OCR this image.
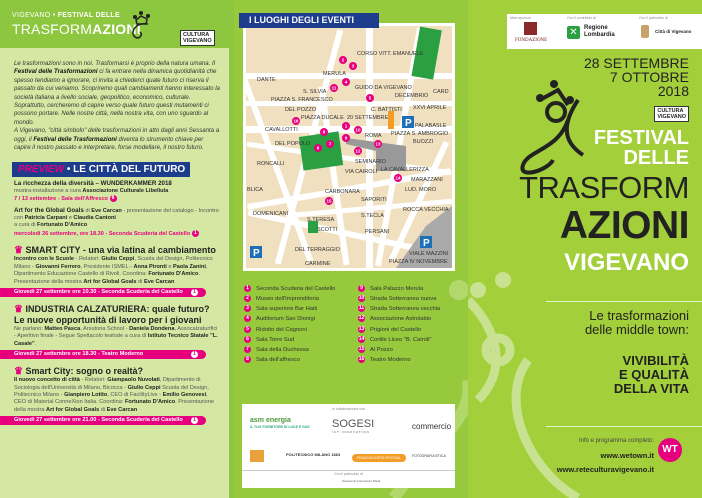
VIGEVANO • FESTIVAL DELLE
TRASFORMAZIONI	CULTURA
VIGEVANO
Le trasformazioni sono in noi. Trasformarsi è proprio della natura umana. Il Festival delle Trasformazioni ci fa entrare nella dinamica quotidianità che spesso tendiamo a ignorare, ci invita a chiederci quale futuro ci riserva il passato da cui veniamo. Scopriremo quali cambiamenti hanno interessato la società italiana a livello sociale, geopolitico, economico, culturale. Soprattutto, cercheremo di capire verso quale futuro questi mutamenti ci possono portare. Nelle nostre città, nella nostra vita, con uno sguardo al mondo.
A Vigevano, "città simbolo" delle trasformazioni in atto dagli anni Sessanta a oggi, il Festival delle Trasformazioni diventa lo strumento chiave per capire il nostro passato e interpretare, forse modellare, il nostro futuro.
PREVIEW • LE CITTÀ DEL FUTURO
La ricchezza della diversità – WUNDERKAMMER 2018
mostra-installazione a cura Associazione Culturale Libellula
7 / 13 settembre - Sala dell'Affresco 8
Art for the Global Goals di Eve Carcan - presentazione del catalogo - Incontro con Patricia Carpani e Claudia Cantoni
a cura di Fortunato D'Amico
mercoledì 26 settembre, ore 18.30 - Seconda Scuderia del Castello 1
♛ SMART CITY - una via latina al cambiamento
Incontro con le Scuole - Relatori: Giulio Ceppi, Scuola del Design, Politecnico Milano - Giovanni Ferrero, Presidente ISMEL - Anna Pironti e Paola Zanini, Dipartimento Educazione Castello di Rivoli. Coordina: Fortunato D'Amico. Presentazione della mostra Art for Global Goals di Eve Carcan
Giovedì 27 settembre ore 10.30 - Seconda Scuderia del Castello	1
♛ INDUSTRIA CALZATURIERA: quale futuro? Le nuove opportunità di lavoro per i giovani
Ne parlano: Matteo Pasca, Arsutoria School - Daniela Dondena, Assocalzaturifici - Aperitivo finale - Segue Spettacolo teatrale a cura di Istituto Tecnico Statale "L. Casale".
Giovedì 27 settembre ore 18.30 - Teatro Moderno	1
♛ Smart City: sogno o realtà?
Il nuovo concetto di città - Relatori: Giampaolo Nuvolati, Dipartimento di Sociologia dell'Università di Milano, Bicocca - Giulio Ceppi Scuola del Design, Politecnico Milano - Gianpiero Lotito, CEO di FacilityLive - Emilio Genovesi, CEO di Material ConneXion Italia. Coordina: Fortunato D'Amico. Presentazione della mostra Art for Global Goals di Eve Carcan
Giovedì 27 settembre ore 21.00 - Seconda Scuderia del Castello	1
I LUOGHI DEGLI EVENTI
P
P
P
1
2
3
4
5
6
7
8
9
10
11
12
13
14
15
16
DANTE
MERULA
GUIDO DA VIGEVANO
XXVI APRILE
C. BATTISTI
PIAZZA S. AMBROGIO
PALABASLE
PIAZZA DUCALE
ROMA
BUOZZI
SEMINARIO
VIA CAIROLI
MARAZZANI
SAPORITI
S.TECLA
PERSANI
SCOTTI
S.TERESA
DOMENICANI
DEL TERRAGGIO
CARMINE
ROCCA VECCHIA
VIALE MAZZINI
LUD. MORO
CARBONARA
DEL POPOLO
PIAZZA S. FRANCESCO
CAVALLOTTI
CORSO VITT. EMANUELE
20 SETTEMBRE
DECEMBRIO
PIAZZA IV NOVEMBRE
RONCALLI
BLICA
CARD
DEL POZZO
S. SILVIA
LA CAVALLERIZZA
1 Seconda Scuderia del Castello	9 Sala Palazzo Merula
2 Museo dell'Imprenditoria	10 Strada Sotterranea nuova
3 Sala superiore Bar Haiti	11 Strada Sotterranea vecchia
4 Auditorium San Dionigi	12 Associazione Astrolabio
5 Ridotto del Cagnoni	13 Prigioni del Castello
6 Sala Torre Sud	14 Cortile Liceo "B. Cairoli"
7 Sala della Duchessa	15 Al Pozzo
8 Sala dell'affresco	16 Teatro Moderno
In collaborazione con
asm energia
IL TUO FORNITORE DI LUCE E GAS SOGESI
ICT INNOVATION
commercio
POLITECNICO MILANO 1863
FRANCIACORTA FESTIVAL	FOTOGRAFIA ETICA
Con il patrocinio di
Camera di Commercio Pavia
Main sponsor	Con il contributo di	Con il patrocinio di
FONDAZIONE
✕	Regione Lombardia	Città di Vigevano
28 SETTEMBRE
7 OTTOBRE
2018
CULTURA
VIGEVANO
FESTIVAL
DELLE
TRASFORM
AZIONI
VIGEVANO
Le trasformazioni
delle middle town:
VIVIBILITÀ
E QUALITÀ
DELLA VITA
Info e programma completo:
www.wetown.it
www.reteculturavigevano.it
WT
